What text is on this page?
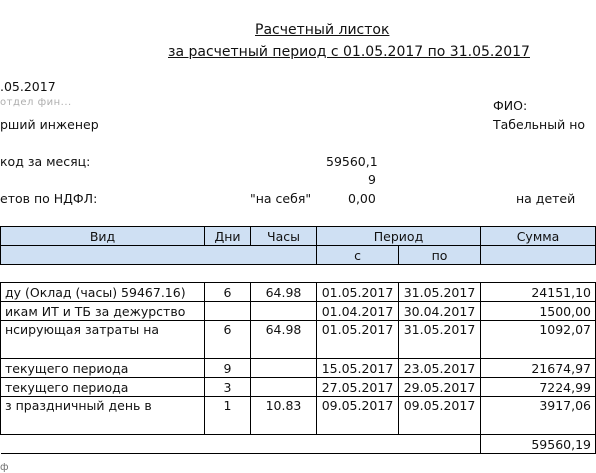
Расчетный листок
за расчетный период с 01.05.2017 по 31.05.2017
.05.2017
отдел фин...
рший инженер
ФИО:
Табельный но
код за месяц:	59560,1
9
етов по НДФЛ:	"на себя"	0,00	на детей
Вид	Дни	Часы	Период		Сумма
			с	по	

ду (Оклад (часы) 59467.16)	6	64.98	01.05.2017	31.05.2017	24151,10
икам ИТ и ТБ за дежурство			01.04.2017	30.04.2017	1500,00
нсирующая затраты на	6	64.98	01.05.2017	31.05.2017	1092,07
текущего периода	9		15.05.2017	23.05.2017	21674,97
текущего периода	3		27.05.2017	29.05.2017	7224,99
з праздничный день в	1	10.83	09.05.2017	09.05.2017	3917,06
					59560,19
ф
